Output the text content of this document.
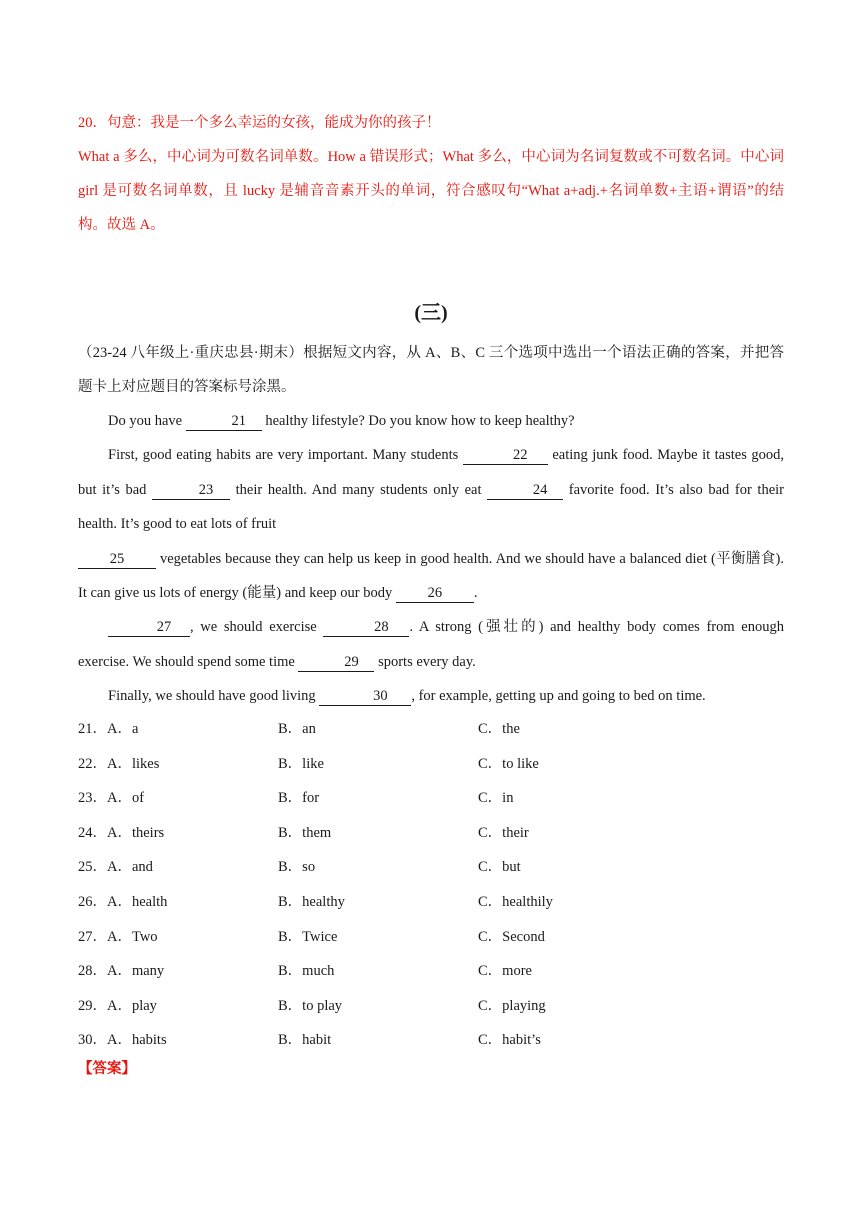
20．句意：我是一个多么幸运的女孩，能成为你的孩子！

What a 多么，中心词为可数名词单数。How a 错误形式；What 多么，中心词为名词复数或不可数名词。中心词 girl 是可数名词单数，且 lucky 是辅音音素开头的单词，符合感叹句“What a+adj.+名词单数+主语+谓语”的结构。故选 A。

(三)
（23-24 八年级上·重庆忠县·期末）根据短文内容，从 A、B、C 三个选项中选出一个语法正确的答案，并把答题卡上对应题目的答案标号涂黑。

Do you have	21 healthy lifestyle? Do you know how to keep healthy?

First, good eating habits are very important. Many students	22 eating junk food. Maybe it tastes good, but it’s bad	23 their health. And many students only eat	24 favorite food. It’s also bad for their health. It’s good to eat lots of fruit

25 vegetables because they can help us keep in good health. And we should have a balanced diet (平衡膳食). It can give us lots of energy (能量) and keep our body 26 .

27 , we should exercise	28 . A strong (强壮的) and healthy body comes from enough exercise. We should spend some time	29 sports every day.

Finally, we should have good living	30 , for example, getting up and going to bed on time.

21． A．a	B．an	C．the
22． A．likes	B．like	C．to like
23． A．of	B．for	C．in
24． A．theirs	B．them	C．their
25． A．and	B．so	C．but
26． A．health	B．healthy	C．healthily
27． A．Two	B．Twice	C．Second
28． A．many	B．much	C．more
29． A．play	B．to play	C．playing
30． A．habits	B．habit	C．habit’s
【答案】
